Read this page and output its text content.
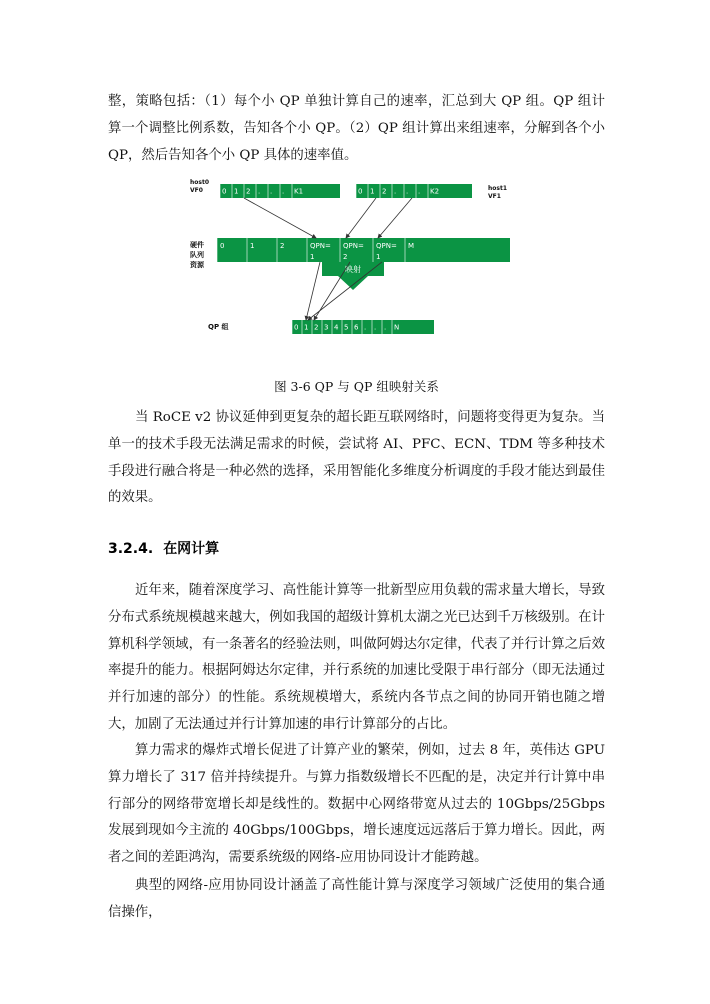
整，策略包括：（1）每个小 QP 单独计算自己的速率，汇总到大 QP 组。QP 组计算一个调整比例系数，告知各个小 QP。（2）QP 组计算出来组速率，分解到各个小 QP，然后告知各个小 QP 具体的速率值。

host0
VF0	host1
VF1
0 1 2 . . . K1	0 1 2 . . . K2
硬件
队列
资源
0	1	2	QPN=
1
QPN=
2
QPN=
1
M
映射
QP 组	0 1 2 3 4 5 6 . . . N

图 3-6 QP 与 QP 组映射关系

当 RoCE v2 协议延伸到更复杂的超长距互联网络时，问题将变得更为复杂。当单一的技术手段无法满足需求的时候，尝试将 AI、PFC、ECN、TDM 等多种技术手段进行融合将是一种必然的选择，采用智能化多维度分析调度的手段才能达到最佳的效果。

3.2.4. 在网计算

近年来，随着深度学习、高性能计算等一批新型应用负载的需求量大增长，导致分布式系统规模越来越大，例如我国的超级计算机太湖之光已达到千万核级别。在计算机科学领域，有一条著名的经验法则，叫做阿姆达尔定律，代表了并行计算之后效率提升的能力。根据阿姆达尔定律，并行系统的加速比受限于串行部分（即无法通过并行加速的部分）的性能。系统规模增大，系统内各节点之间的协同开销也随之增大，加剧了无法通过并行计算加速的串行计算部分的占比。

算力需求的爆炸式增长促进了计算产业的繁荣，例如，过去 8 年，英伟达 GPU 算力增长了 317 倍并持续提升。与算力指数级增长不匹配的是，决定并行计算中串行部分的网络带宽增长却是线性的。数据中心网络带宽从过去的 10Gbps/25Gbps 发展到现如今主流的 40Gbps/100Gbps，增长速度远远落后于算力增长。因此，两者之间的差距鸿沟，需要系统级的网络-应用协同设计才能跨越。

典型的网络-应用协同设计涵盖了高性能计算与深度学习领域广泛使用的集合通信操作，
